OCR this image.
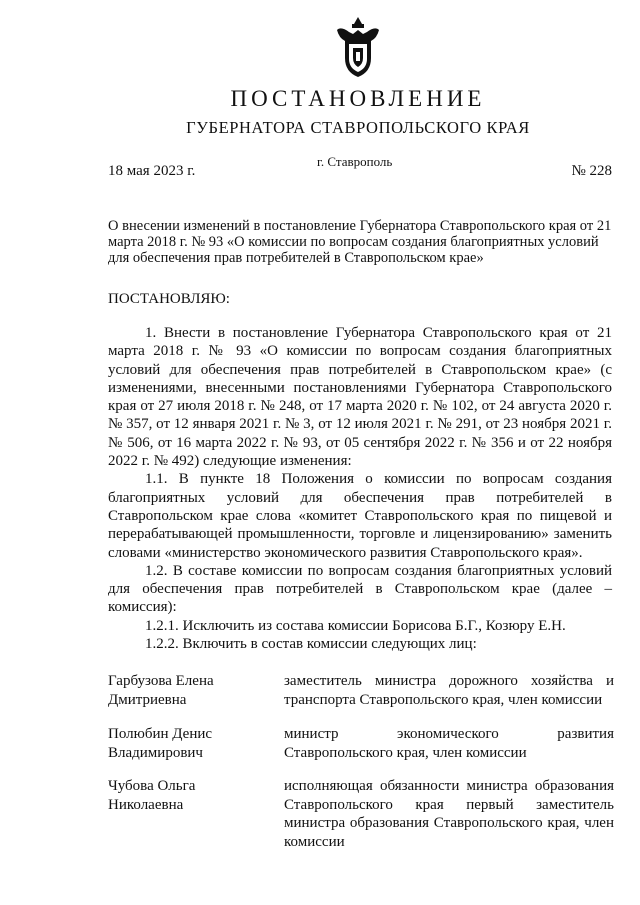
ПОСТАНОВЛЕНИЕ
ГУБЕРНАТОРА СТАВРОПОЛЬСКОГО КРАЯ
18 мая 2023 г.
г. Ставрополь
№ 228
О внесении изменений в постановление Губернатора Ставропольского края от 21 марта 2018 г. № 93 «О комиссии по вопросам создания благоприятных условий для обеспечения прав потребителей в Ставропольском крае»
ПОСТАНОВЛЯЮ:

1. Внести в постановление Губернатора Ставропольского края от 21 марта 2018 г. № 93 «О комиссии по вопросам создания благоприятных условий для обеспечения прав потребителей в Ставропольском крае» (с изменениями, внесенными постановлениями Губернатора Ставропольского края от 27 июля 2018 г. № 248, от 17 марта 2020 г. № 102, от 24 августа 2020 г. № 357, от 12 января 2021 г. № 3, от 12 июля 2021 г. № 291, от 23 ноября 2021 г. № 506, от 16 марта 2022 г. № 93, от 05 сентября 2022 г. № 356 и от 22 ноября 2022 г. № 492) следующие изменения:

1.1. В пункте 18 Положения о комиссии по вопросам создания благоприятных условий для обеспечения прав потребителей в Ставропольском крае слова «комитет Ставропольского края по пищевой и перерабатывающей промышленности, торговле и лицензированию» заменить словами «министерство экономического развития Ставропольского края».

1.2. В составе комиссии по вопросам создания благоприятных условий для обеспечения прав потребителей в Ставропольском крае (далее – комиссия):

1.2.1. Исключить из состава комиссии Борисова Б.Г., Козюру Е.Н.

1.2.2. Включить в состав комиссии следующих лиц:

Гарбузова Елена
Дмитриевна
заместитель министра дорожного хозяйства и транспорта Ставропольского края, член комиссии
Полюбин Денис
Владимирович
министр экономического развития Ставропольского края, член комиссии
Чубова Ольга
Николаевна
исполняющая обязанности министра образования Ставропольского края первый заместитель министра образования Ставропольского края, член комиссии
